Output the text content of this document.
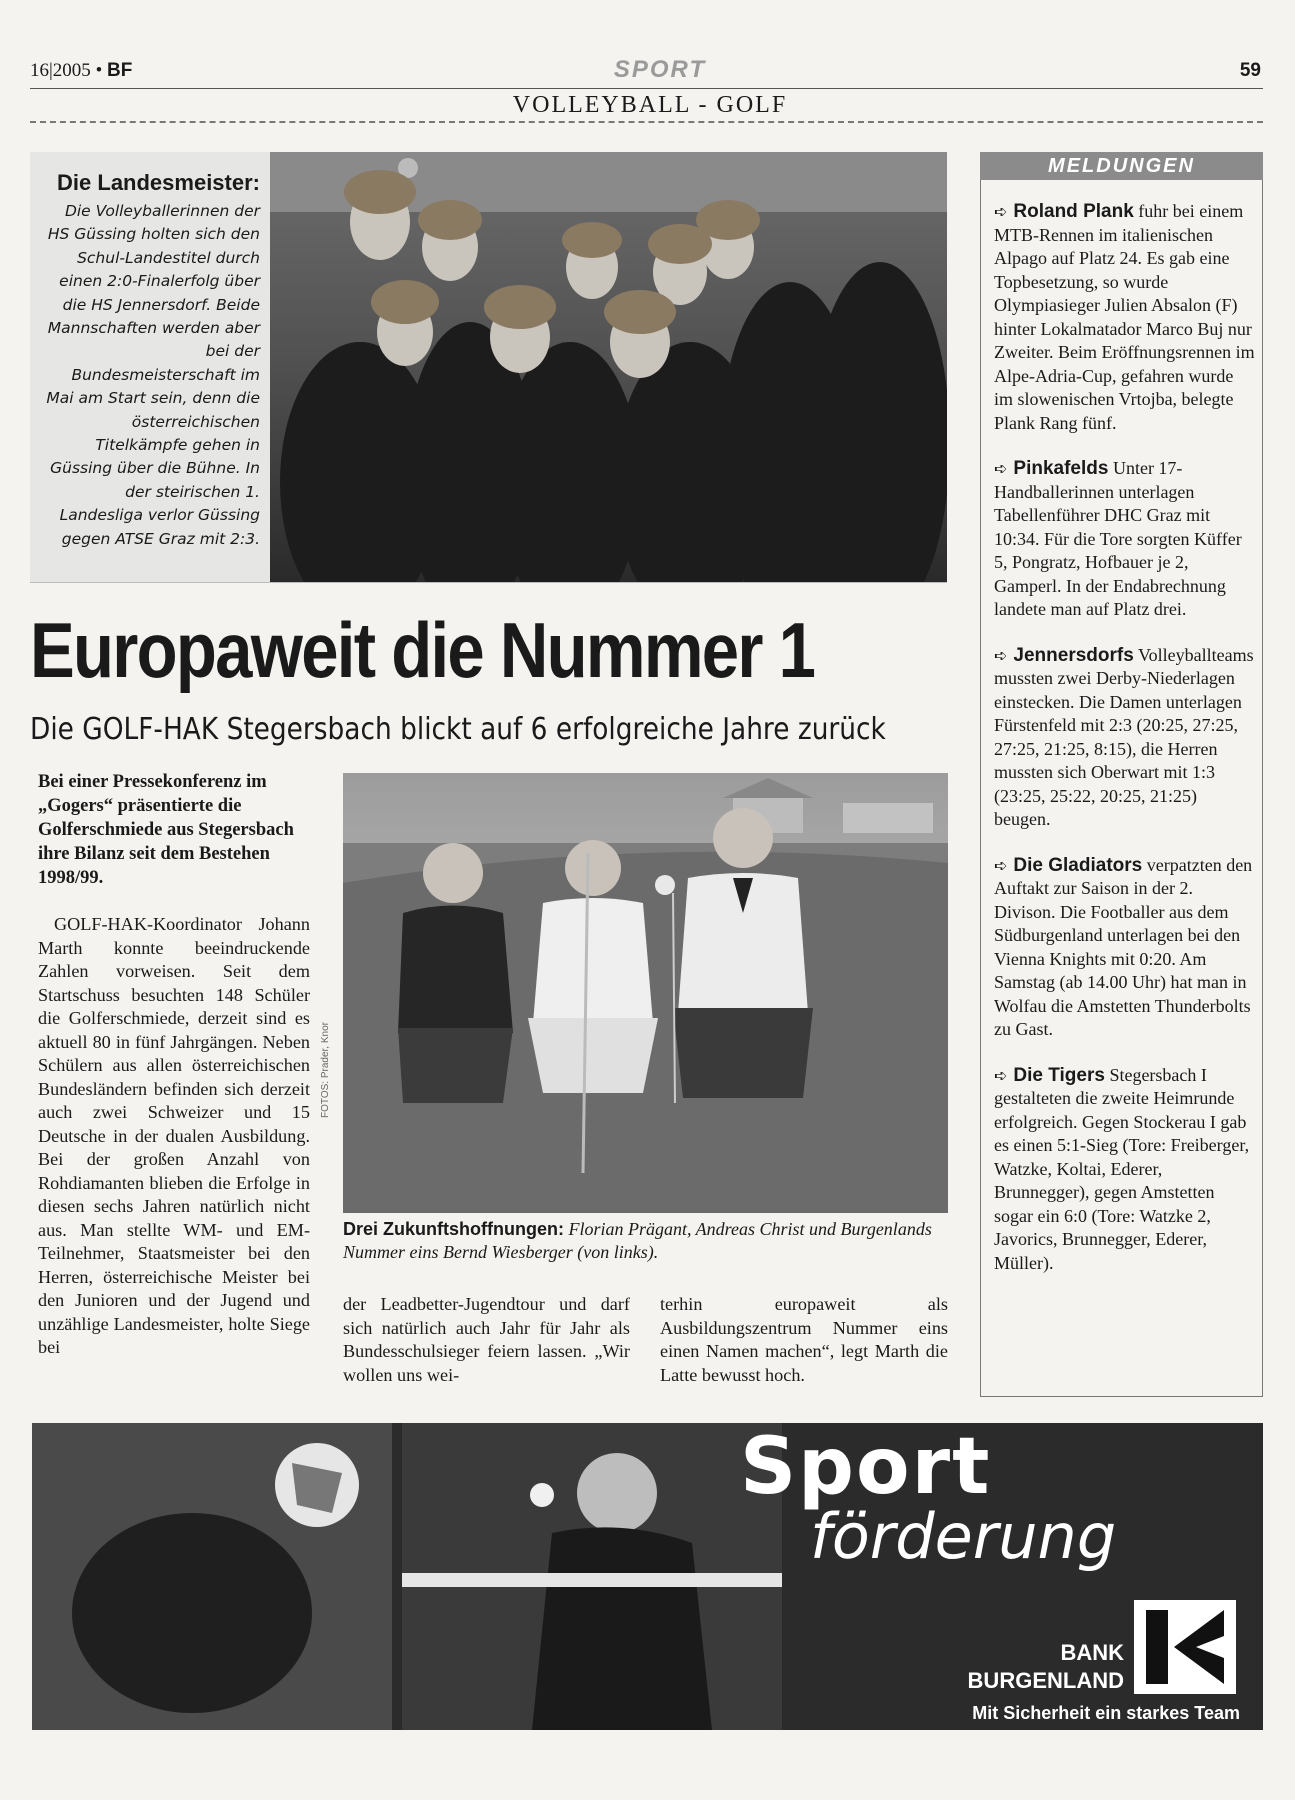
16|2005 • BF	SPORT	59
VOLLEYBALL - GOLF
Die Landesmeister:
Die Volleyballerinnen der HS Güssing holten sich den Schul-Landestitel durch einen 2:0-Finalerfolg über die HS Jennersdorf. Beide Mannschaften werden aber bei der Bundesmeisterschaft im Mai am Start sein, denn die österreichischen Titelkämpfe gehen in Güssing über die Bühne. In der steirischen 1. Landesliga verlor Güssing gegen ATSE Graz mit 2:3.
Europaweit die Nummer 1
Die GOLF-HAK Stegersbach blickt auf 6 erfolgreiche Jahre zurück
Bei einer Pressekonferenz im „Gogers“ präsentierte die Golferschmiede aus Stegersbach ihre Bilanz seit dem Bestehen 1998/99.

GOLF-HAK-Koordinator Johann Marth konnte beeindruckende Zahlen vorweisen. Seit dem Startschuss besuchten 148 Schüler die Golferschmiede, derzeit sind es aktuell 80 in fünf Jahrgängen. Neben Schülern aus allen österreichischen Bundesländern befinden sich derzeit auch zwei Schweizer und 15 Deutsche in der dualen Ausbildung. Bei der großen Anzahl von Rohdiamanten blieben die Erfolge in diesen sechs Jahren natürlich nicht aus. Man stellte WM- und EM-Teilnehmer, Staatsmeister bei den Herren, österreichische Meister bei den Junioren und der Jugend und unzählige Landesmeister, holte Siege bei

FOTOS: Prader, Knor
Drei Zukunftshoffnungen: Florian Prägant, Andreas Christ und Burgenlands Nummer eins Bernd Wiesberger (von links).
der Leadbetter-Jugendtour und darf sich natürlich auch Jahr für Jahr als Bundesschulsieger feiern lassen. „Wir wollen uns wei-
terhin europaweit als Ausbildungszentrum Nummer eins einen Namen machen“, legt Marth die Latte bewusst hoch.
MELDUNGEN

➪ Roland Plank fuhr bei einem MTB-Rennen im italienischen Alpago auf Platz 24. Es gab eine Topbesetzung, so wurde Olympiasieger Julien Absalon (F) hinter Lokalmatador Marco Buj nur Zweiter. Beim Eröffnungsrennen im Alpe-Adria-Cup, gefahren wurde im slowenischen Vrtojba, belegte Plank Rang fünf.

➪ Pinkafelds Unter 17-Handballerinnen unterlagen Tabellenführer DHC Graz mit 10:34. Für die Tore sorgten Küffer 5, Pongratz, Hofbauer je 2, Gamperl. In der Endabrechnung landete man auf Platz drei.

➪ Jennersdorfs Volleyballteams mussten zwei Derby-Niederlagen einstecken. Die Damen unterlagen Fürstenfeld mit 2:3 (20:25, 27:25, 27:25, 21:25, 8:15), die Herren mussten sich Oberwart mit 1:3 (23:25, 25:22, 20:25, 21:25) beugen.

➪ Die Gladiators verpatzten den Auftakt zur Saison in der 2. Divison. Die Footballer aus dem Südburgenland unterlagen bei den Vienna Knights mit 0:20. Am Samstag (ab 14.00 Uhr) hat man in Wolfau die Amstetten Thunderbolts zu Gast.

➪ Die Tigers Stegersbach I gestalteten die zweite Heimrunde erfolgreich. Gegen Stockerau I gab es einen 5:1-Sieg (Tore: Freiberger, Watzke, Koltai, Ederer, Brunnegger), gegen Amstetten sogar ein 6:0 (Tore: Watzke 2, Javorics, Brunnegger, Ederer, Müller).

Sport
förderung
BANK
BURGENLAND
Mit Sicherheit ein starkes Team
